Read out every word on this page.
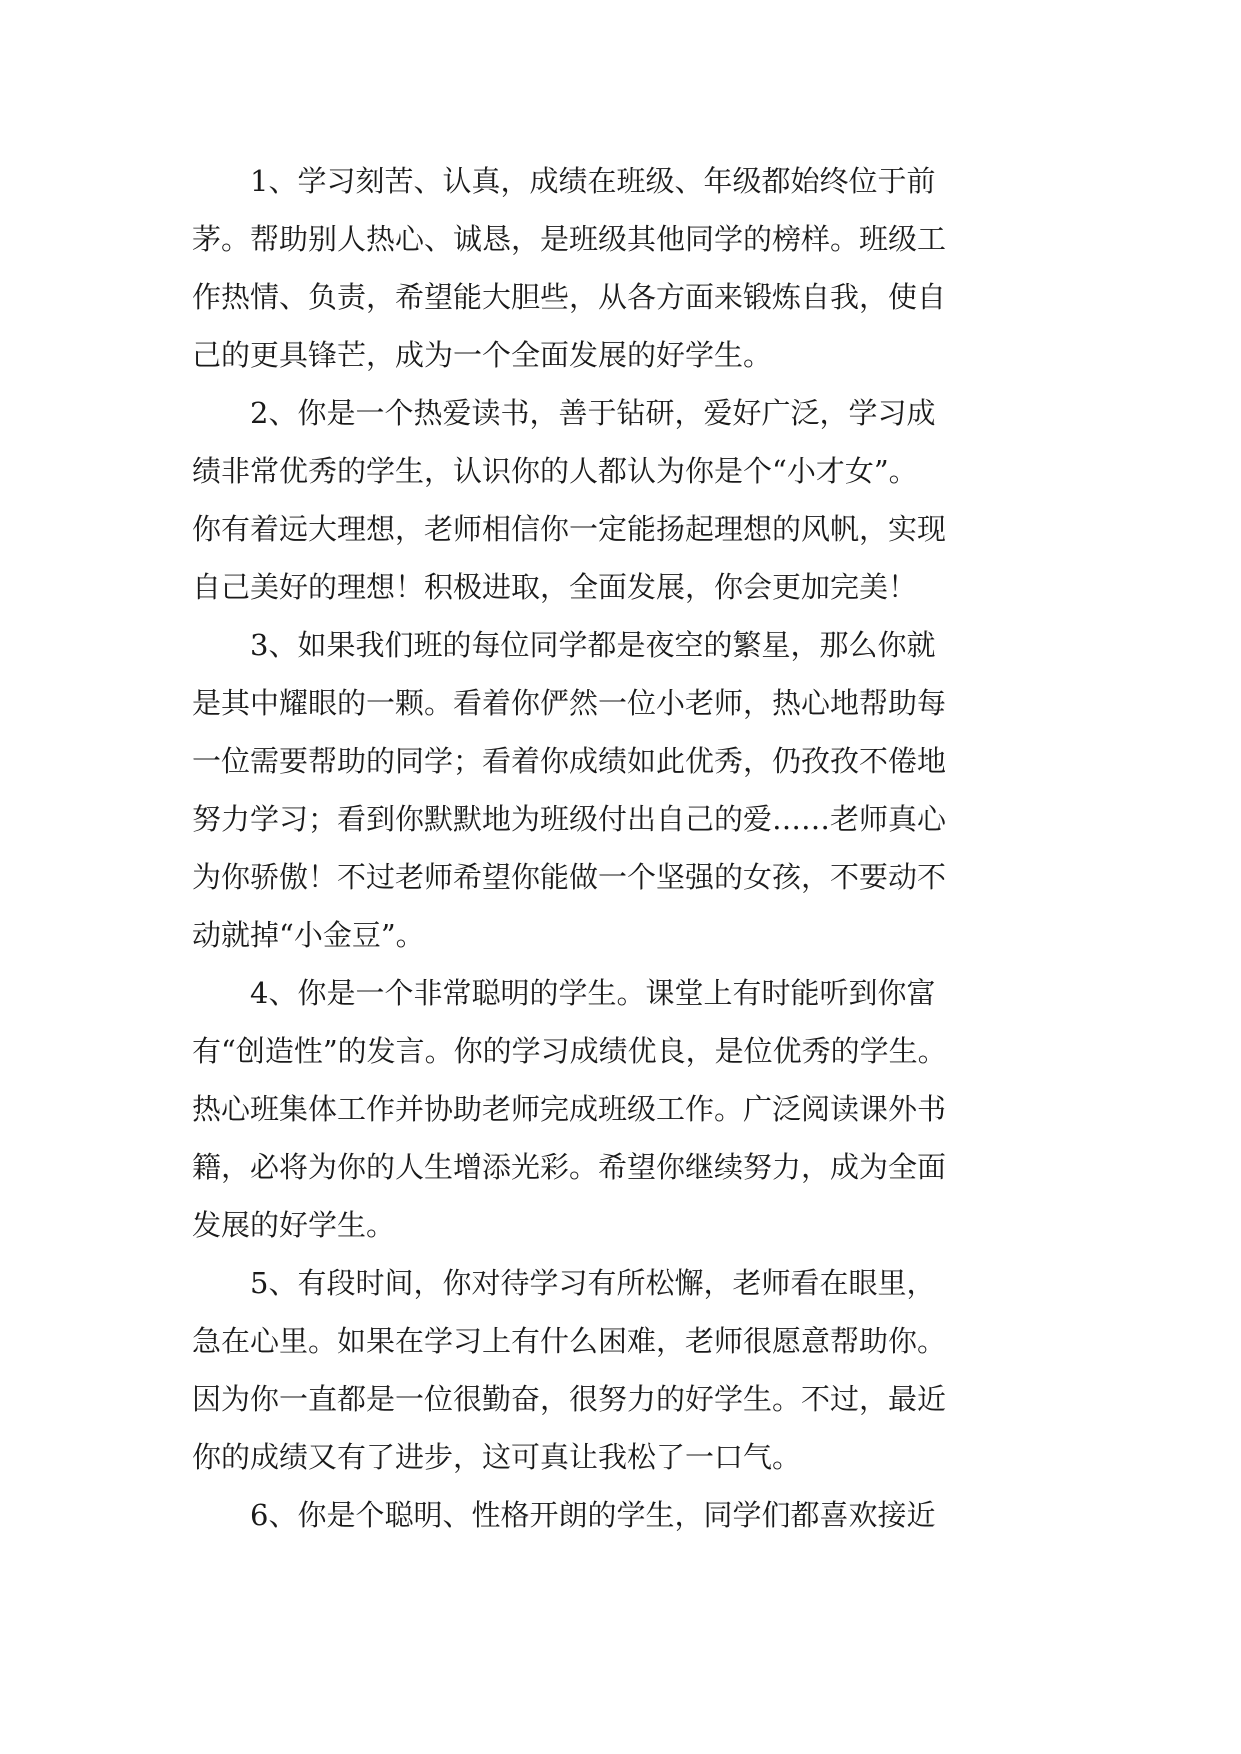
1、学习刻苦、认真，成绩在班级、年级都始终位于前
茅。帮助别人热心、诚恳，是班级其他同学的榜样。班级工
作热情、负责，希望能大胆些，从各方面来锻炼自我，使自
己的更具锋芒，成为一个全面发展的好学生。
2、你是一个热爱读书，善于钻研，爱好广泛，学习成
绩非常优秀的学生，认识你的人都认为你是个“小才女”。
你有着远大理想，老师相信你一定能扬起理想的风帆，实现
自己美好的理想！积极进取，全面发展，你会更加完美！
3、如果我们班的每位同学都是夜空的繁星，那么你就
是其中耀眼的一颗。看着你俨然一位小老师，热心地帮助每
一位需要帮助的同学；看着你成绩如此优秀，仍孜孜不倦地
努力学习；看到你默默地为班级付出自己的爱……老师真心
为你骄傲！不过老师希望你能做一个坚强的女孩，不要动不
动就掉“小金豆”。
4、你是一个非常聪明的学生。课堂上有时能听到你富
有“创造性”的发言。你的学习成绩优良，是位优秀的学生。
热心班集体工作并协助老师完成班级工作。广泛阅读课外书
籍，必将为你的人生增添光彩。希望你继续努力，成为全面
发展的好学生。
5、有段时间，你对待学习有所松懈，老师看在眼里，
急在心里。如果在学习上有什么困难，老师很愿意帮助你。
因为你一直都是一位很勤奋，很努力的好学生。不过，最近
你的成绩又有了进步，这可真让我松了一口气。
6、你是个聪明、性格开朗的学生，同学们都喜欢接近
